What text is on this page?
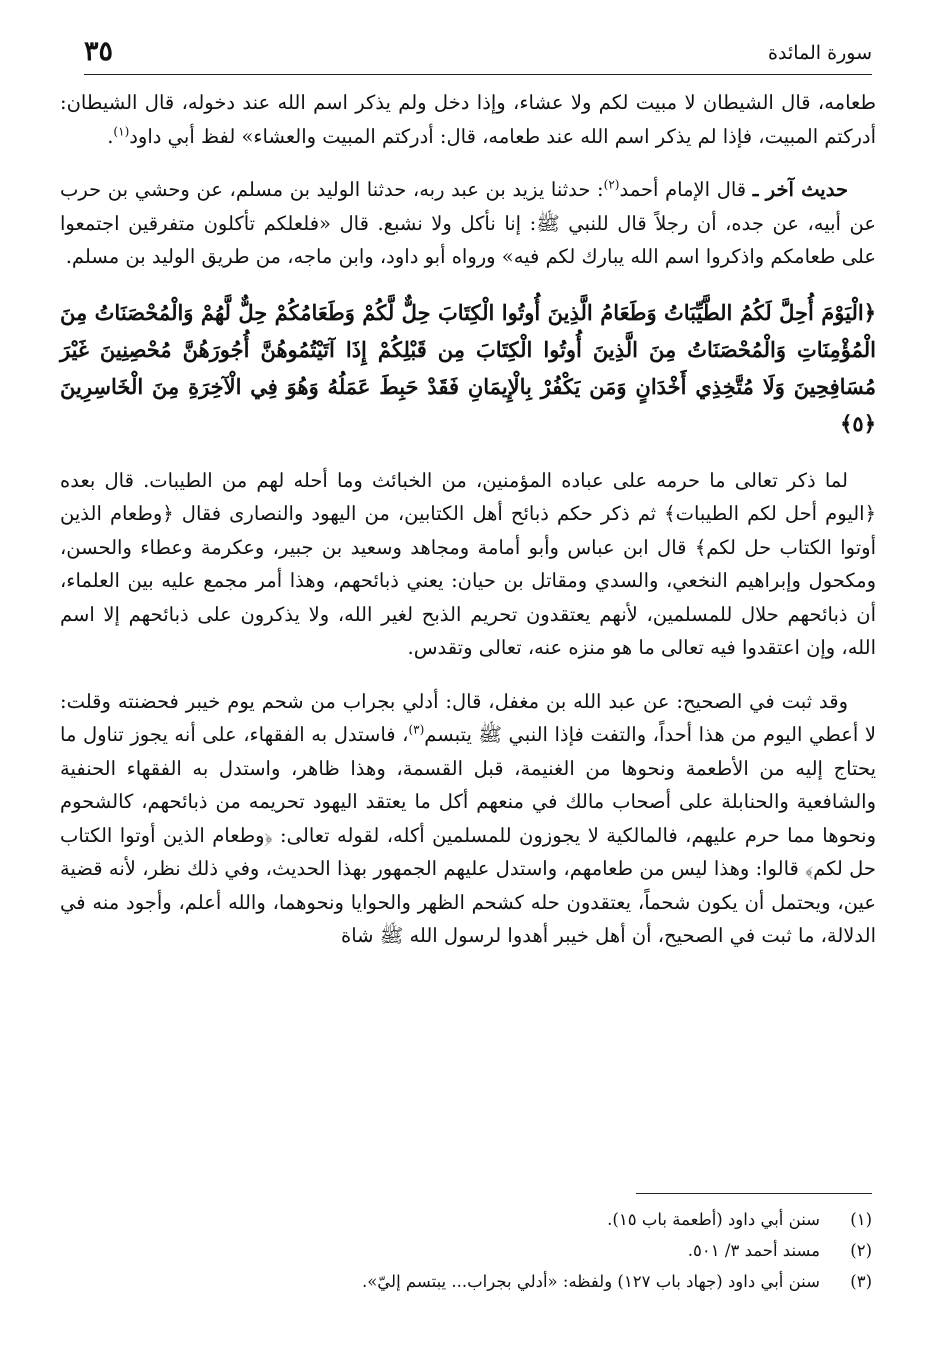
سورة المائدة
٣٥

طعامه، قال الشيطان لا مبيت لكم ولا عشاء، وإذا دخل ولم يذكر اسم الله عند دخوله، قال الشيطان: أدركتم المبيت، فإذا لم يذكر اسم الله عند طعامه، قال: أدركتم المبيت والعشاء» لفظ أبي داود$^{(١)}$.

حديث آخر ـ قال الإمام أحمد$^{(٢)}$: حدثنا يزيد بن عبد ربه، حدثنا الوليد بن مسلم، عن وحشي بن حرب عن أبيه، عن جده، أن رجلاً قال للنبي ﷺ: إنا نأكل ولا نشبع. قال «فلعلكم تأكلون متفرقين اجتمعوا على طعامكم واذكروا اسم الله يبارك لكم فيه» ورواه أبو داود، وابن ماجه، من طريق الوليد بن مسلم.

﴿الْيَوْمَ أُحِلَّ لَكُمُ الطَّيِّبَاتُ وَطَعَامُ الَّذِينَ أُوتُوا الْكِتَابَ حِلٌّ لَّكُمْ وَطَعَامُكُمْ حِلٌّ لَّهُمْ وَالْمُحْصَنَاتُ مِنَ الْمُؤْمِنَاتِ وَالْمُحْصَنَاتُ مِنَ الَّذِينَ أُوتُوا الْكِتَابَ مِن قَبْلِكُمْ إِذَا آتَيْتُمُوهُنَّ أُجُورَهُنَّ مُحْصِنِينَ غَيْرَ مُسَافِحِينَ وَلَا مُتَّخِذِي أَخْدَانٍ وَمَن يَكْفُرْ بِالْإِيمَانِ فَقَدْ حَبِطَ عَمَلُهُ وَهُوَ فِي الْآخِرَةِ مِنَ الْخَاسِرِينَ ﴿٥﴾

لما ذكر تعالى ما حرمه على عباده المؤمنين، من الخبائث وما أحله لهم من الطيبات. قال بعده ﴿اليوم أحل لكم الطيبات﴾ ثم ذكر حكم ذبائح أهل الكتابين، من اليهود والنصارى فقال ﴿وطعام الذين أوتوا الكتاب حل لكم﴾ قال ابن عباس وأبو أمامة ومجاهد وسعيد بن جبير، وعكرمة وعطاء والحسن، ومكحول وإبراهيم النخعي، والسدي ومقاتل بن حيان: يعني ذبائحهم، وهذا أمر مجمع عليه بين العلماء، أن ذبائحهم حلال للمسلمين، لأنهم يعتقدون تحريم الذبح لغير الله، ولا يذكرون على ذبائحهم إلا اسم الله، وإن اعتقدوا فيه تعالى ما هو منزه عنه، تعالى وتقدس.

وقد ثبت في الصحيح: عن عبد الله بن مغفل، قال: أدلي بجراب من شحم يوم خيبر فحضنته وقلت: لا أعطي اليوم من هذا أحداً، والتفت فإذا النبي ﷺ يتبسم$^{(٣)}$، فاستدل به الفقهاء، على أنه يجوز تناول ما يحتاج إليه من الأطعمة ونحوها من الغنيمة، قبل القسمة، وهذا ظاهر، واستدل به الفقهاء الحنفية والشافعية والحنابلة على أصحاب مالك في منعهم أكل ما يعتقد اليهود تحريمه من ذبائحهم، كالشحوم ونحوها مما حرم عليهم، فالمالكية لا يجوزون للمسلمين أكله، لقوله تعالى: ﴿وطعام الذين أوتوا الكتاب حل لكم﴾ قالوا: وهذا ليس من طعامهم، واستدل عليهم الجمهور بهذا الحديث، وفي ذلك نظر، لأنه قضية عين، ويحتمل أن يكون شحماً، يعتقدون حله كشحم الظهر والحوايا ونحوهما، والله أعلم، وأجود منه في الدلالة، ما ثبت في الصحيح، أن أهل خيبر أهدوا لرسول الله ﷺ شاة

(١)
سنن أبي داود (أطعمة باب ١٥).
(٢)
مسند أحمد ٣/ ٥٠١.
(٣)
سنن أبي داود (جهاد باب ١٢٧) ولفظه: «أدلي بجراب... يبتسم إليّ».
